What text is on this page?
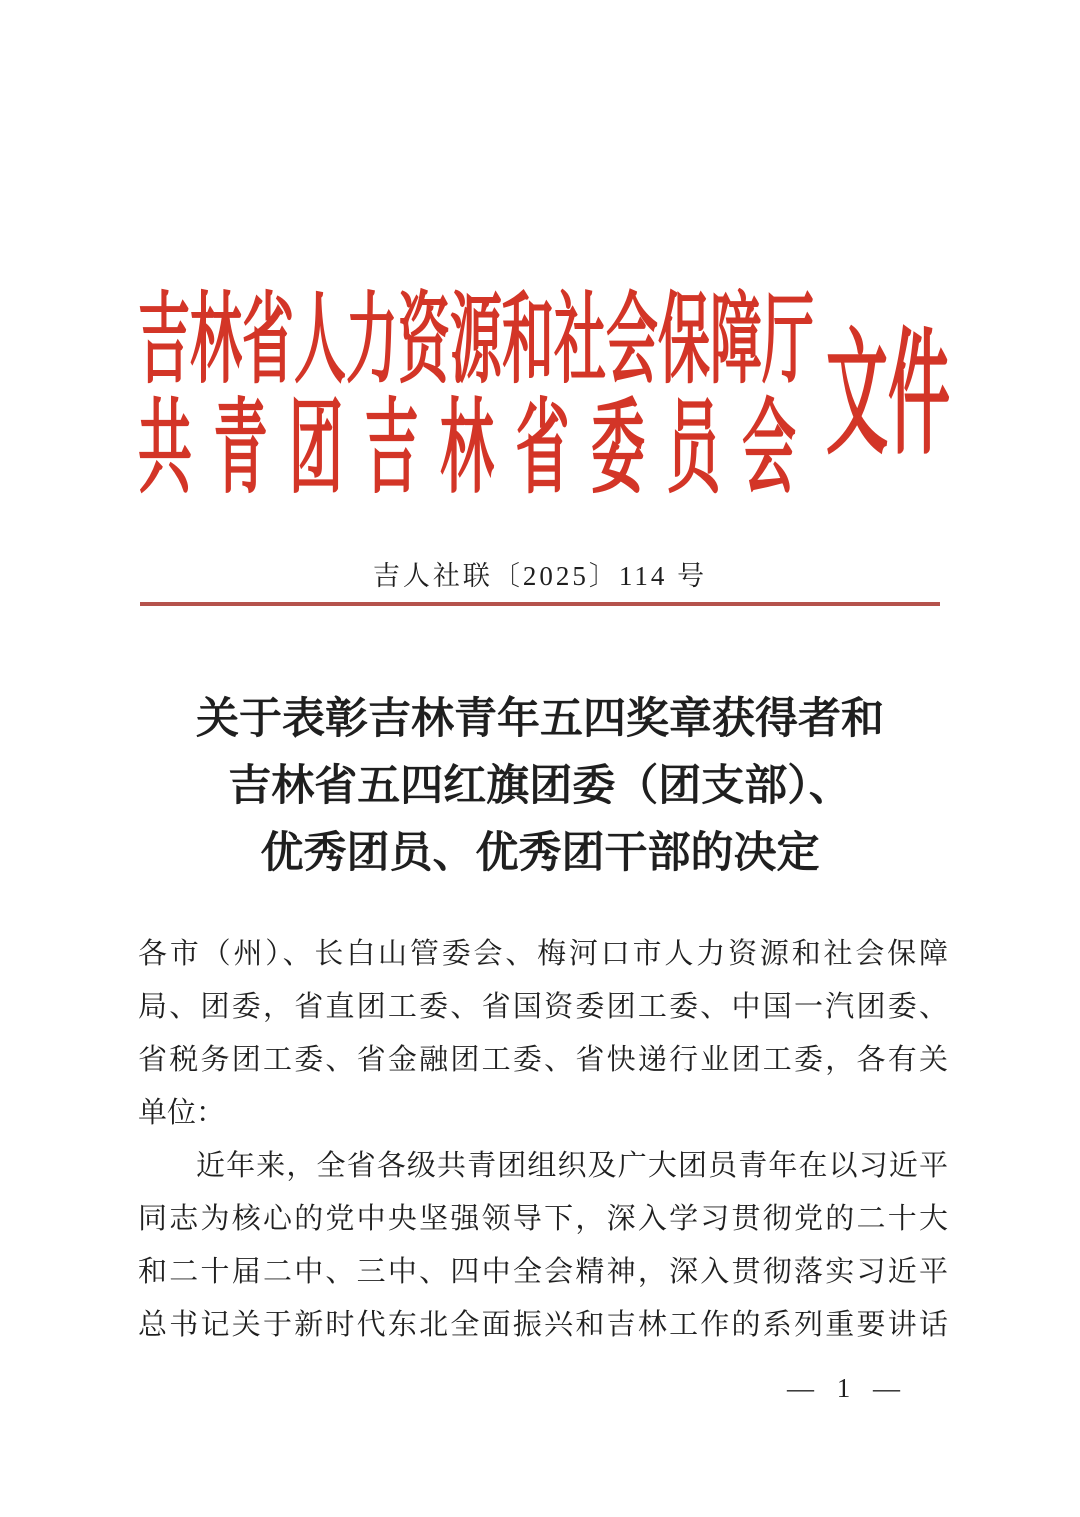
吉林省人力资源和社会保障厅
共青团吉林省委员会 文件
吉人社联〔2025〕114 号
关于表彰吉林青年五四奖章获得者和
吉林省五四红旗团委（团支部）、
优秀团员、优秀团干部的决定
各市（州）、长白山管委会、梅河口市人力资源和社会保障
局、团委，省直团工委、省国资委团工委、中国一汽团委、
省税务团工委、省金融团工委、省快递行业团工委，各有关
单位：
近年来，全省各级共青团组织及广大团员青年在以习近平
同志为核心的党中央坚强领导下，深入学习贯彻党的二十大
和二十届二中、三中、四中全会精神，深入贯彻落实习近平
总书记关于新时代东北全面振兴和吉林工作的系列重要讲话
— 1 —
